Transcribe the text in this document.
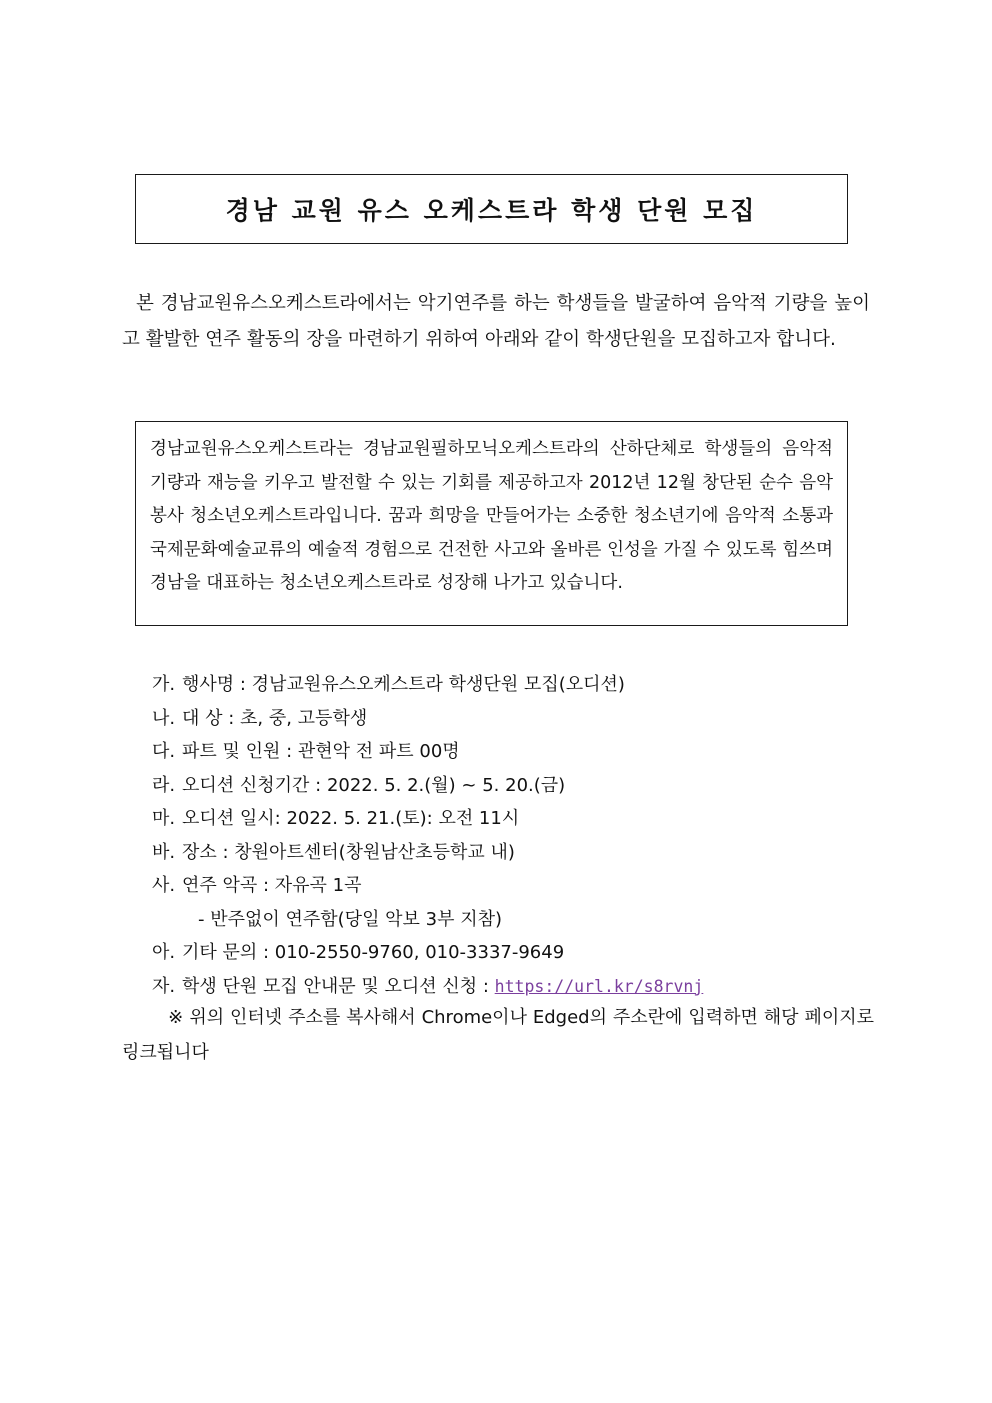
경남 교원 유스 오케스트라 학생 단원 모집
본 경남교원유스오케스트라에서는 악기연주를 하는 학생들을 발굴하여 음악적 기량을 높이고 활발한 연주 활동의 장을 마련하기 위하여 아래와 같이 학생단원을 모집하고자 합니다.
경남교원유스오케스트라는 경남교원필하모닉오케스트라의 산하단체로 학생들의 음악적 기량과 재능을 키우고 발전할 수 있는 기회를 제공하고자 2012년 12월 창단된 순수 음악봉사 청소년오케스트라입니다. 꿈과 희망을 만들어가는 소중한 청소년기에 음악적 소통과 국제문화예술교류의 예술적 경험으로 건전한 사고와 올바른 인성을 가질 수 있도록 힘쓰며 경남을 대표하는 청소년오케스트라로 성장해 나가고 있습니다.
가. 행사명 : 경남교원유스오케스트라 학생단원 모집(오디션)
나. 대 상 : 초, 중, 고등학생
다. 파트 및 인원 : 관현악 전 파트 00명
라. 오디션 신청기간 : 2022. 5. 2.(월) ~ 5. 20.(금)
마. 오디션 일시: 2022. 5. 21.(토): 오전 11시
바. 장소 : 창원아트센터(창원남산초등학교 내)
사. 연주 악곡 : 자유곡 1곡
- 반주없이 연주함(당일 악보 3부 지참)
아. 기타 문의 : 010-2550-9760, 010-3337-9649
자. 학생 단원 모집 안내문 및 오디션 신청 : https://url.kr/s8rvnj
※ 위의 인터넷 주소를 복사해서 Chrome이나 Edged의 주소란에 입력하면 해당 페이지로 링크됩니다
